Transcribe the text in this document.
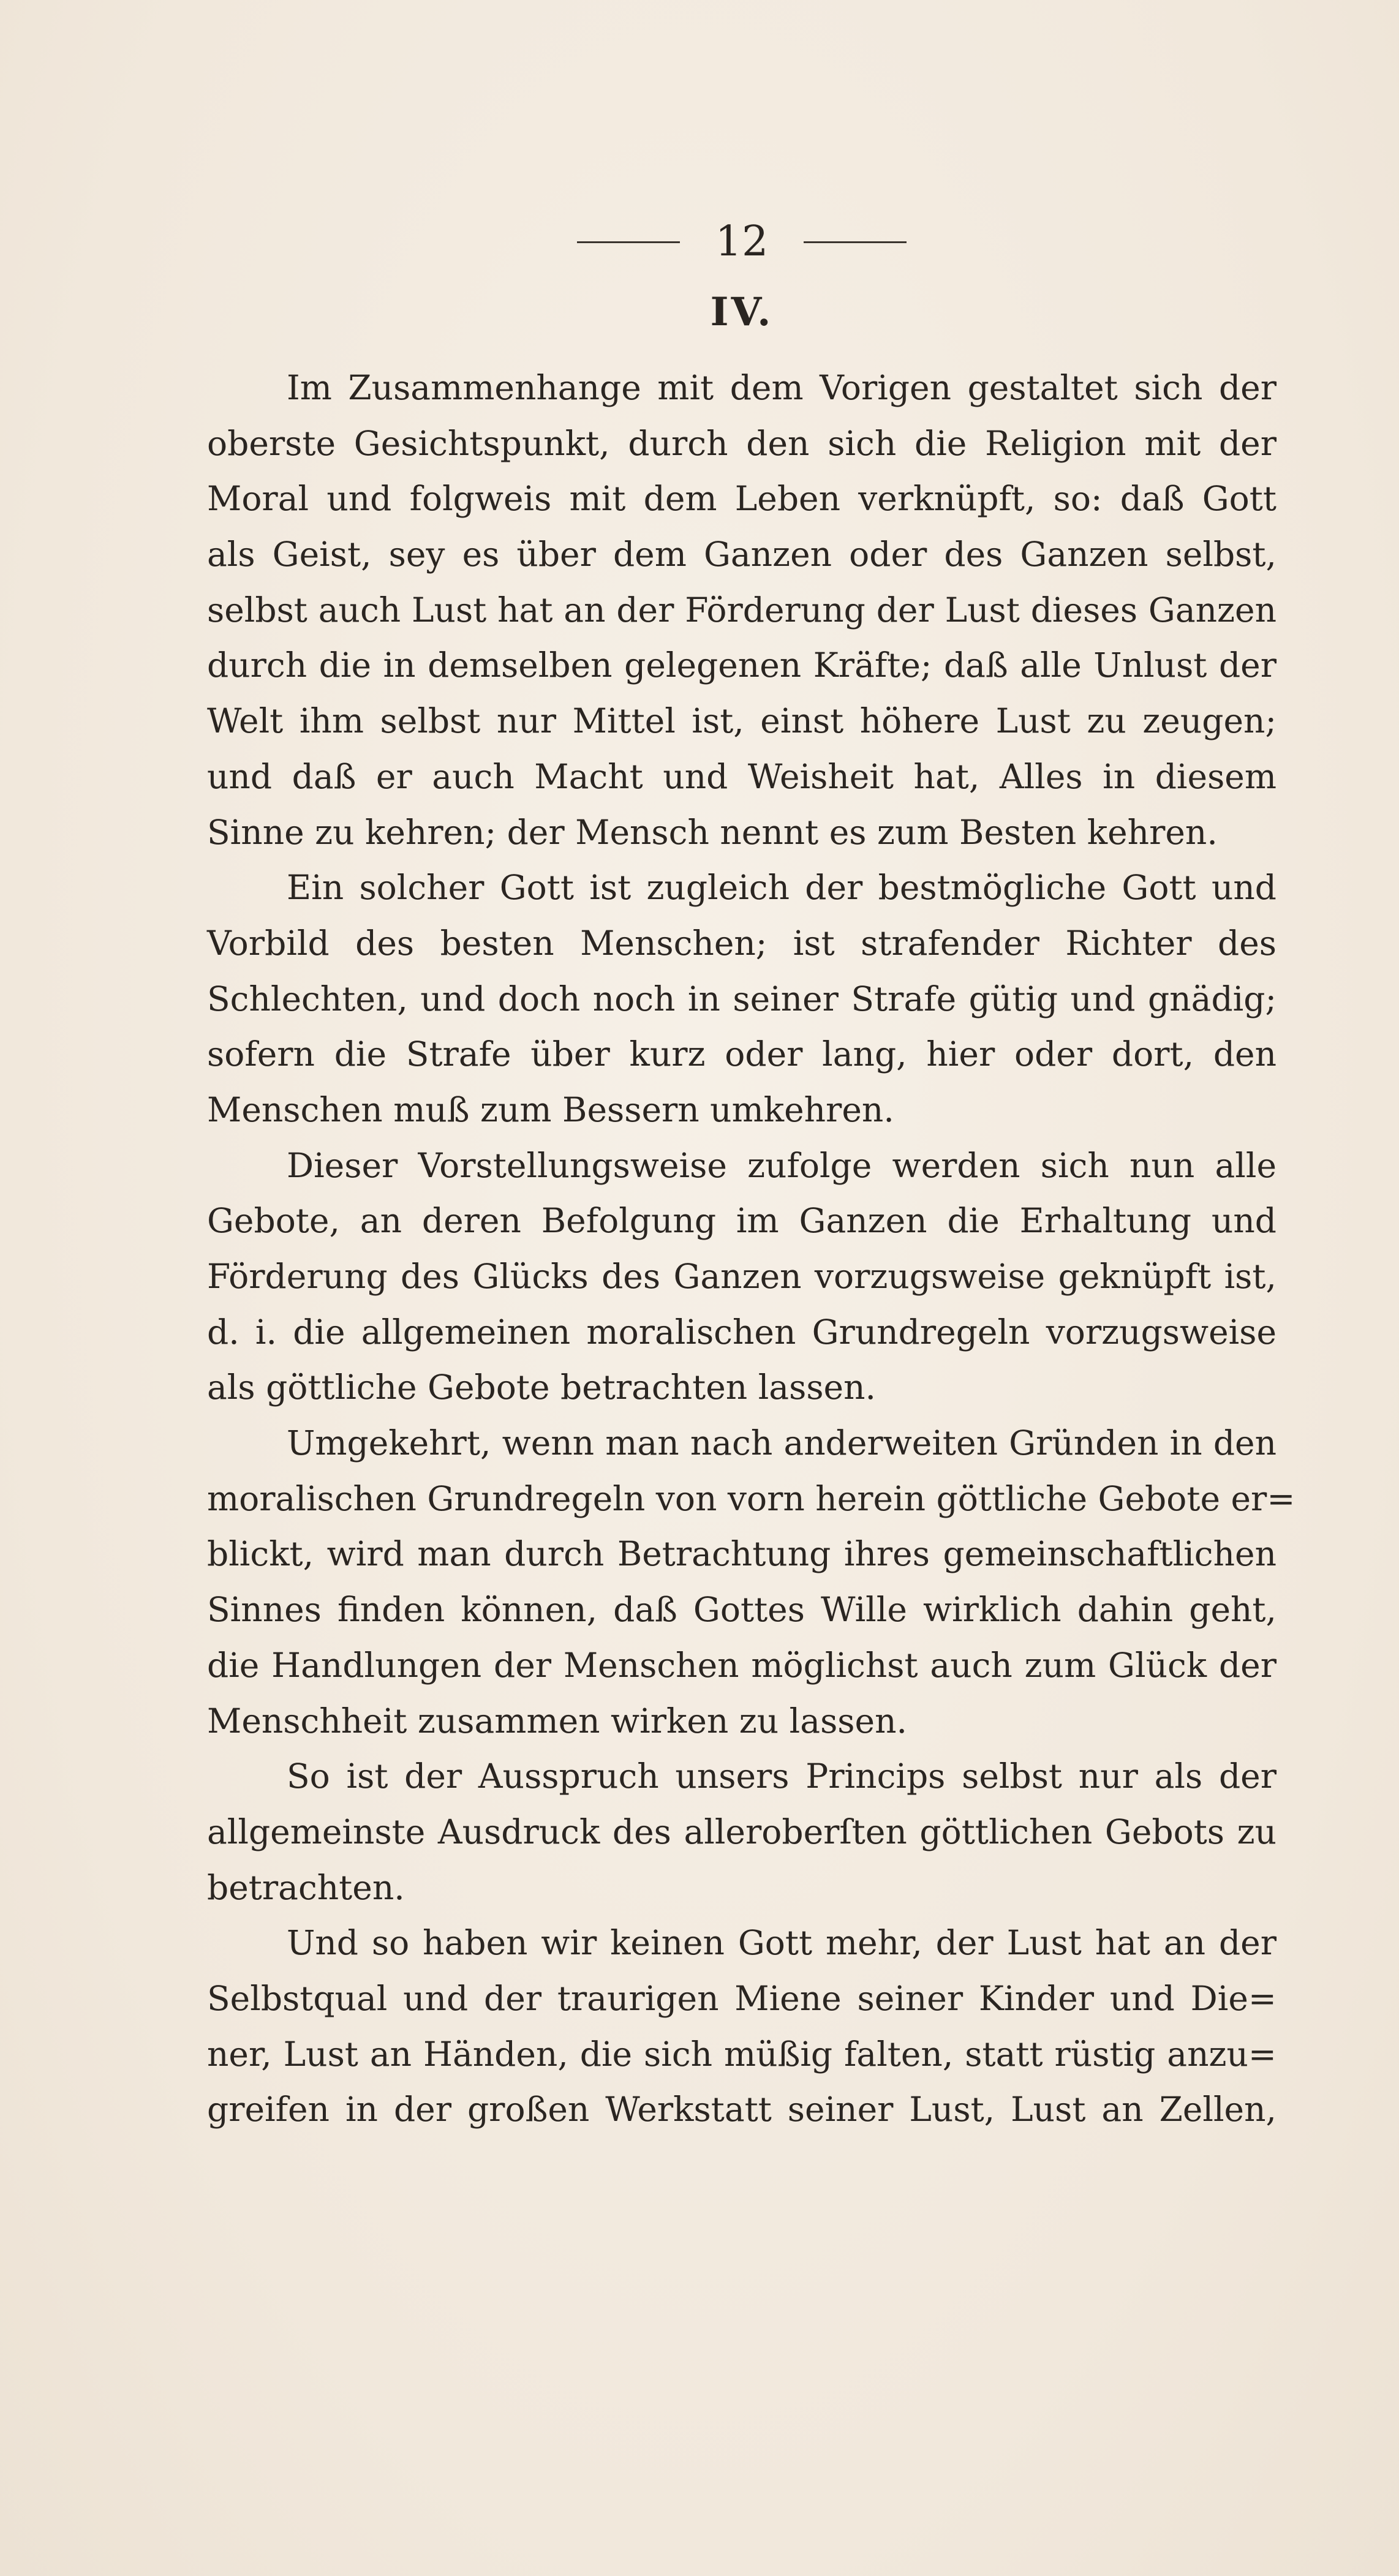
12
IV.
Im Zusammenhange mit dem Vorigen gestaltet sich der
oberste Gesichtspunkt, durch den sich die Religion mit der
Moral und folgweis mit dem Leben verknüpft, so: daß Gott
als Geist, sey es über dem Ganzen oder des Ganzen selbst,
selbst auch Lust hat an der Förderung der Lust dieses Ganzen
durch die in demselben gelegenen Kräfte; daß alle Unlust der
Welt ihm selbst nur Mittel ist, einst höhere Lust zu zeugen;
und daß er auch Macht und Weisheit hat, Alles in diesem
Sinne zu kehren; der Mensch nennt es zum Besten kehren.
Ein solcher Gott ist zugleich der bestmögliche Gott und
Vorbild des besten Menschen; ist strafender Richter des
Schlechten, und doch noch in seiner Strafe gütig und gnädig;
sofern die Strafe über kurz oder lang, hier oder dort, den
Menschen muß zum Bessern umkehren.
Dieser Vorstellungsweise zufolge werden sich nun alle
Gebote, an deren Befolgung im Ganzen die Erhaltung und
Förderung des Glücks des Ganzen vorzugsweise geknüpft ist,
d. i. die allgemeinen moralischen Grundregeln vorzugsweise
als göttliche Gebote betrachten lassen.
Umgekehrt, wenn man nach anderweiten Gründen in den
moralischen Grundregeln von vorn herein göttliche Gebote er=
blickt, wird man durch Betrachtung ihres gemeinschaftlichen
Sinnes finden können, daß Gottes Wille wirklich dahin geht,
die Handlungen der Menschen möglichst auch zum Glück der
Menschheit zusammen wirken zu lassen.
So ist der Ausspruch unsers Princips selbst nur als der
allgemeinste Ausdruck des alleroberſten göttlichen Gebots zu
betrachten.
Und so haben wir keinen Gott mehr, der Lust hat an der
Selbstqual und der traurigen Miene seiner Kinder und Die=
ner, Lust an Händen, die sich müßig falten, statt rüstig anzu=
greifen in der großen Werkstatt seiner Lust, Lust an Zellen,
